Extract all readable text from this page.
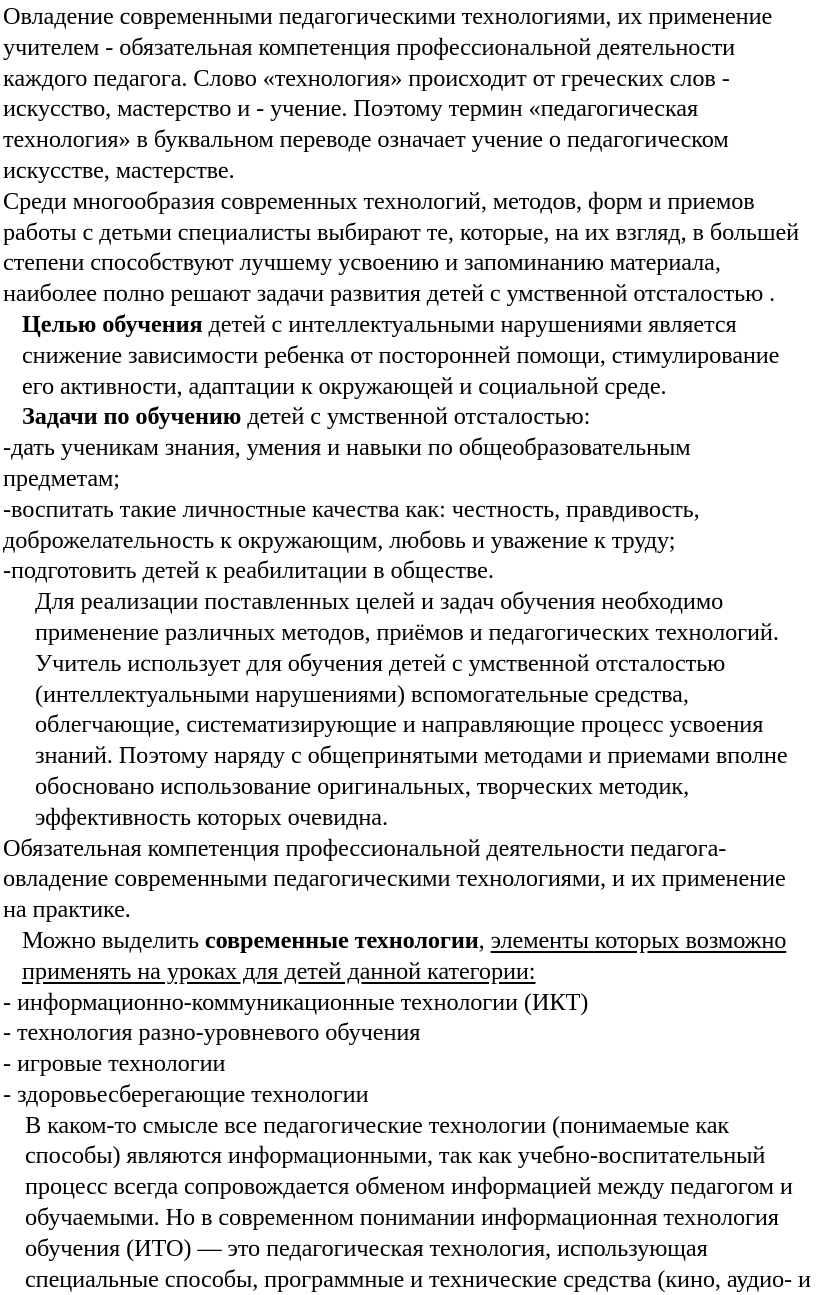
Овладение современными педагогическими технологиями, их применение учителем - обязательная компетенция профессиональной деятельности каждого педагога. Слово «технология» происходит от греческих слов - искусство, мастерство и - учение. Поэтому термин «педагогическая технология» в буквальном переводе означает учение о педагогическом искусстве, мастерстве.

Среди многообразия современных технологий, методов, форм и приемов работы с детьми специалисты выбирают те, которые, на их взгляд, в большей степени способствуют лучшему усвоению и запоминанию материала, наиболее полно решают задачи развития детей с умственной отсталостью .

Целью обучения детей с интеллектуальными нарушениями является снижение зависимости ребенка от посторонней помощи, стимулирование его активности, адаптации к окружающей и социальной среде.

Задачи по обучению детей с умственной отсталостью:

-дать ученикам знания, умения и навыки по общеобразовательным предметам;

-воспитать такие личностные качества как: честность, правдивость, доброжелательность к окружающим, любовь и уважение к труду;

-подготовить детей к реабилитации в обществе.

Для реализации поставленных целей и задач обучения необходимо применение различных методов, приёмов и педагогических технологий. Учитель использует для обучения детей с умственной отсталостью (интеллектуальными нарушениями) вспомогательные средства, облегчающие, систематизирующие и направляющие процесс усвоения знаний. Поэтому наряду с общепринятыми методами и приемами вполне обосновано использование оригинальных, творческих методик, эффективность которых очевидна.

Обязательная компетенция профессиональной деятельности педагога- овладение современными педагогическими технологиями, и их применение на практике.

Можно выделить современные технологии, элементы которых возможно применять на уроках для детей данной категории:

- информационно-коммуникационные технологии (ИКТ)

- технология разно-уровневого обучения

- игровые технологии

- здоровьесберегающие технологии

В каком-то смысле все педагогические технологии (понимаемые как способы) являются информационными, так как учебно-воспитательный процесс всегда сопровождается обменом информацией между педагогом и обучаемыми. Но в современном понимании информационная технология обучения (ИТО) — это педагогическая технология, использующая специальные способы, программные и технические средства (кино, аудио- и
